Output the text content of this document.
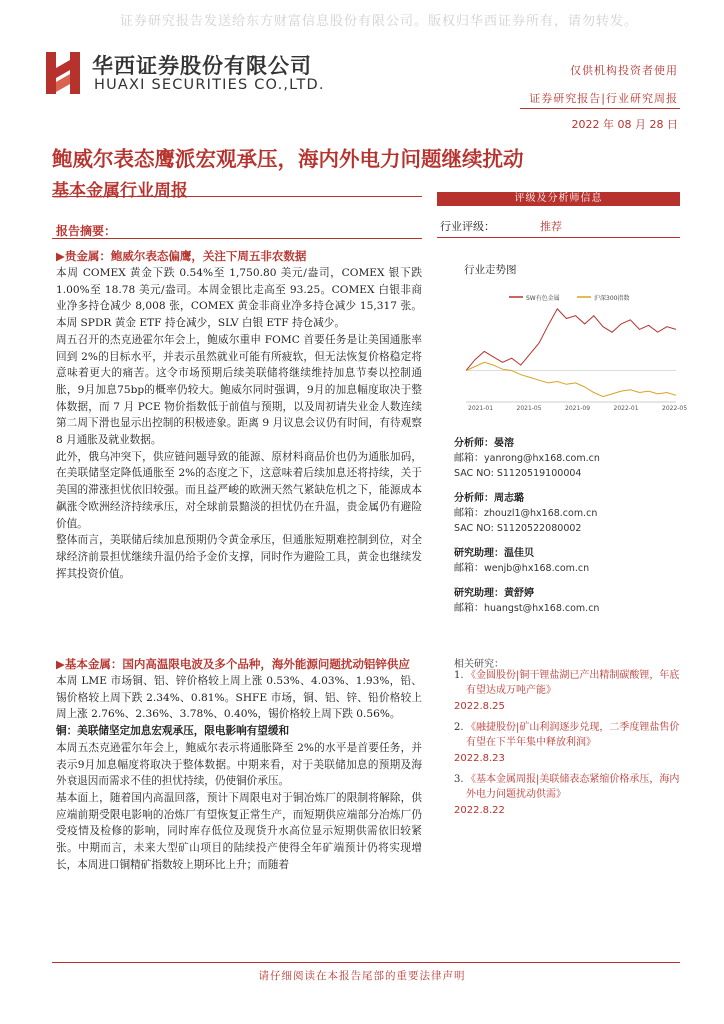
证券研究报告发送给东方财富信息股份有限公司。版权归华西证券所有，请勿转发。
华西证券股份有限公司
HUAXI SECURITIES CO.,LTD.
仅供机构投资者使用
证券研究报告|行业研究周报
2022 年 08 月 28 日
鲍威尔表态鹰派宏观承压，海内外电力问题继续扰动
基本金属行业周报
报告摘要：
▶贵金属：鲍威尔表态偏鹰，关注下周五非农数据

本周 COMEX 黄金下跌 0.54%至 1,750.80 美元/盎司，COMEX 银下跌 1.00%至 18.78 美元/盎司。本周金银比走高至 93.25。COMEX 白银非商业净多持仓减少 8,008 张，COMEX 黄金非商业净多持仓减少 15,317 张。本周 SPDR 黄金 ETF 持仓减少，SLV 白银 ETF 持仓减少。

周五召开的杰克逊霍尔年会上，鲍威尔重申 FOMC 首要任务是让美国通胀率回到 2%的目标水平，并表示虽然就业可能有所疲软，但无法恢复价格稳定将意味着更大的痛苦。这令市场预期后续美联储将继续维持加息节奏以控制通胀，9月加息75bp的概率仍较大。鲍威尔同时强调，9月的加息幅度取决于整体数据，而 7 月 PCE 物价指数低于前值与预期，以及周初请失业金人数连续第二周下滑也显示出控制的积极迹象。距离 9 月议息会议仍有时间，有待观察 8 月通胀及就业数据。

此外，俄乌冲突下，供应链问题导致的能源、原材料商品价也仍为通胀加码，在美联储坚定降低通胀至 2%的态度之下，这意味着后续加息还将持续，关于美国的滞涨担忧依旧较强。而且益严峻的欧洲天然气紧缺危机之下，能源成本飙涨令欧洲经济持续承压，对全球前景黯淡的担忧仍在升温，贵金属仍有避险价值。

整体而言，美联储后续加息预期仍令黄金承压，但通胀短期难控制到位，对全球经济前景担忧继续升温仍给予金价支撑，同时作为避险工具，黄金也继续发挥其投资价值。

▶基本金属：国内高温限电波及多个品种，海外能源问题扰动铝锌供应

本周 LME 市场铜、铝、锌价格较上周上涨 0.53%、4.03%、1.93%，铅、锡价格较上周下跌 2.34%、0.81%。SHFE 市场，铜、铝、锌、铅价格较上周上涨 2.76%、2.36%、3.78%、0.40%，锡价格较上周下跌 0.56%。

铜：美联储坚定加息宏观承压，限电影响有望缓和

本周五杰克逊霍尔年会上，鲍威尔表示将通胀降至 2%的水平是首要任务，并表示9月加息幅度将取决于整体数据。中期来看，对于美联储加息的预期及海外衰退因而需求不佳的担忧持续，仍使铜价承压。

基本面上，随着国内高温回落，预计下周限电对于铜冶炼厂的限制将解除，供应端前期受限电影响的冶炼厂有望恢复正常生产，而短期供应端部分冶炼厂仍受疫情及检修的影响，同时库存低位及现货升水高位显示短期供需依旧较紧张。中期而言，未来大型矿山项目的陆续投产使得全年矿端预计仍将实现增长，本周进口铜精矿指数较上期环比上升；而随着

评级及分析师信息
行业评级：	推荐
行业走势图
SW有色金属	沪深300指数
2021-01	2021-05	2021-09	2022-01	2022-05
分析师：晏溶
邮箱：yanrong@hx168.com.cn
SAC NO: S1120519100004
分析师：周志璐
邮箱：zhouzl1@hx168.com.cn
SAC NO: S1120522080002
研究助理：温佳贝
邮箱：wenjb@hx168.com.cn
研究助理：黄舒婷
邮箱：huangst@hx168.com.cn
相关研究：
1. 《金圆股份|铜干锂盐湖已产出精制碳酸锂，年底有望达成万吨产能》
2022.8.25
2. 《融捷股份|矿山利润逐步兑现，二季度锂盐售价有望在下半年集中释放利润》
2022.8.23
3. 《基本金属周报|美联储表态紧缩价格承压，海内外电力问题扰动供需》
2022.8.22
请仔细阅读在本报告尾部的重要法律声明
